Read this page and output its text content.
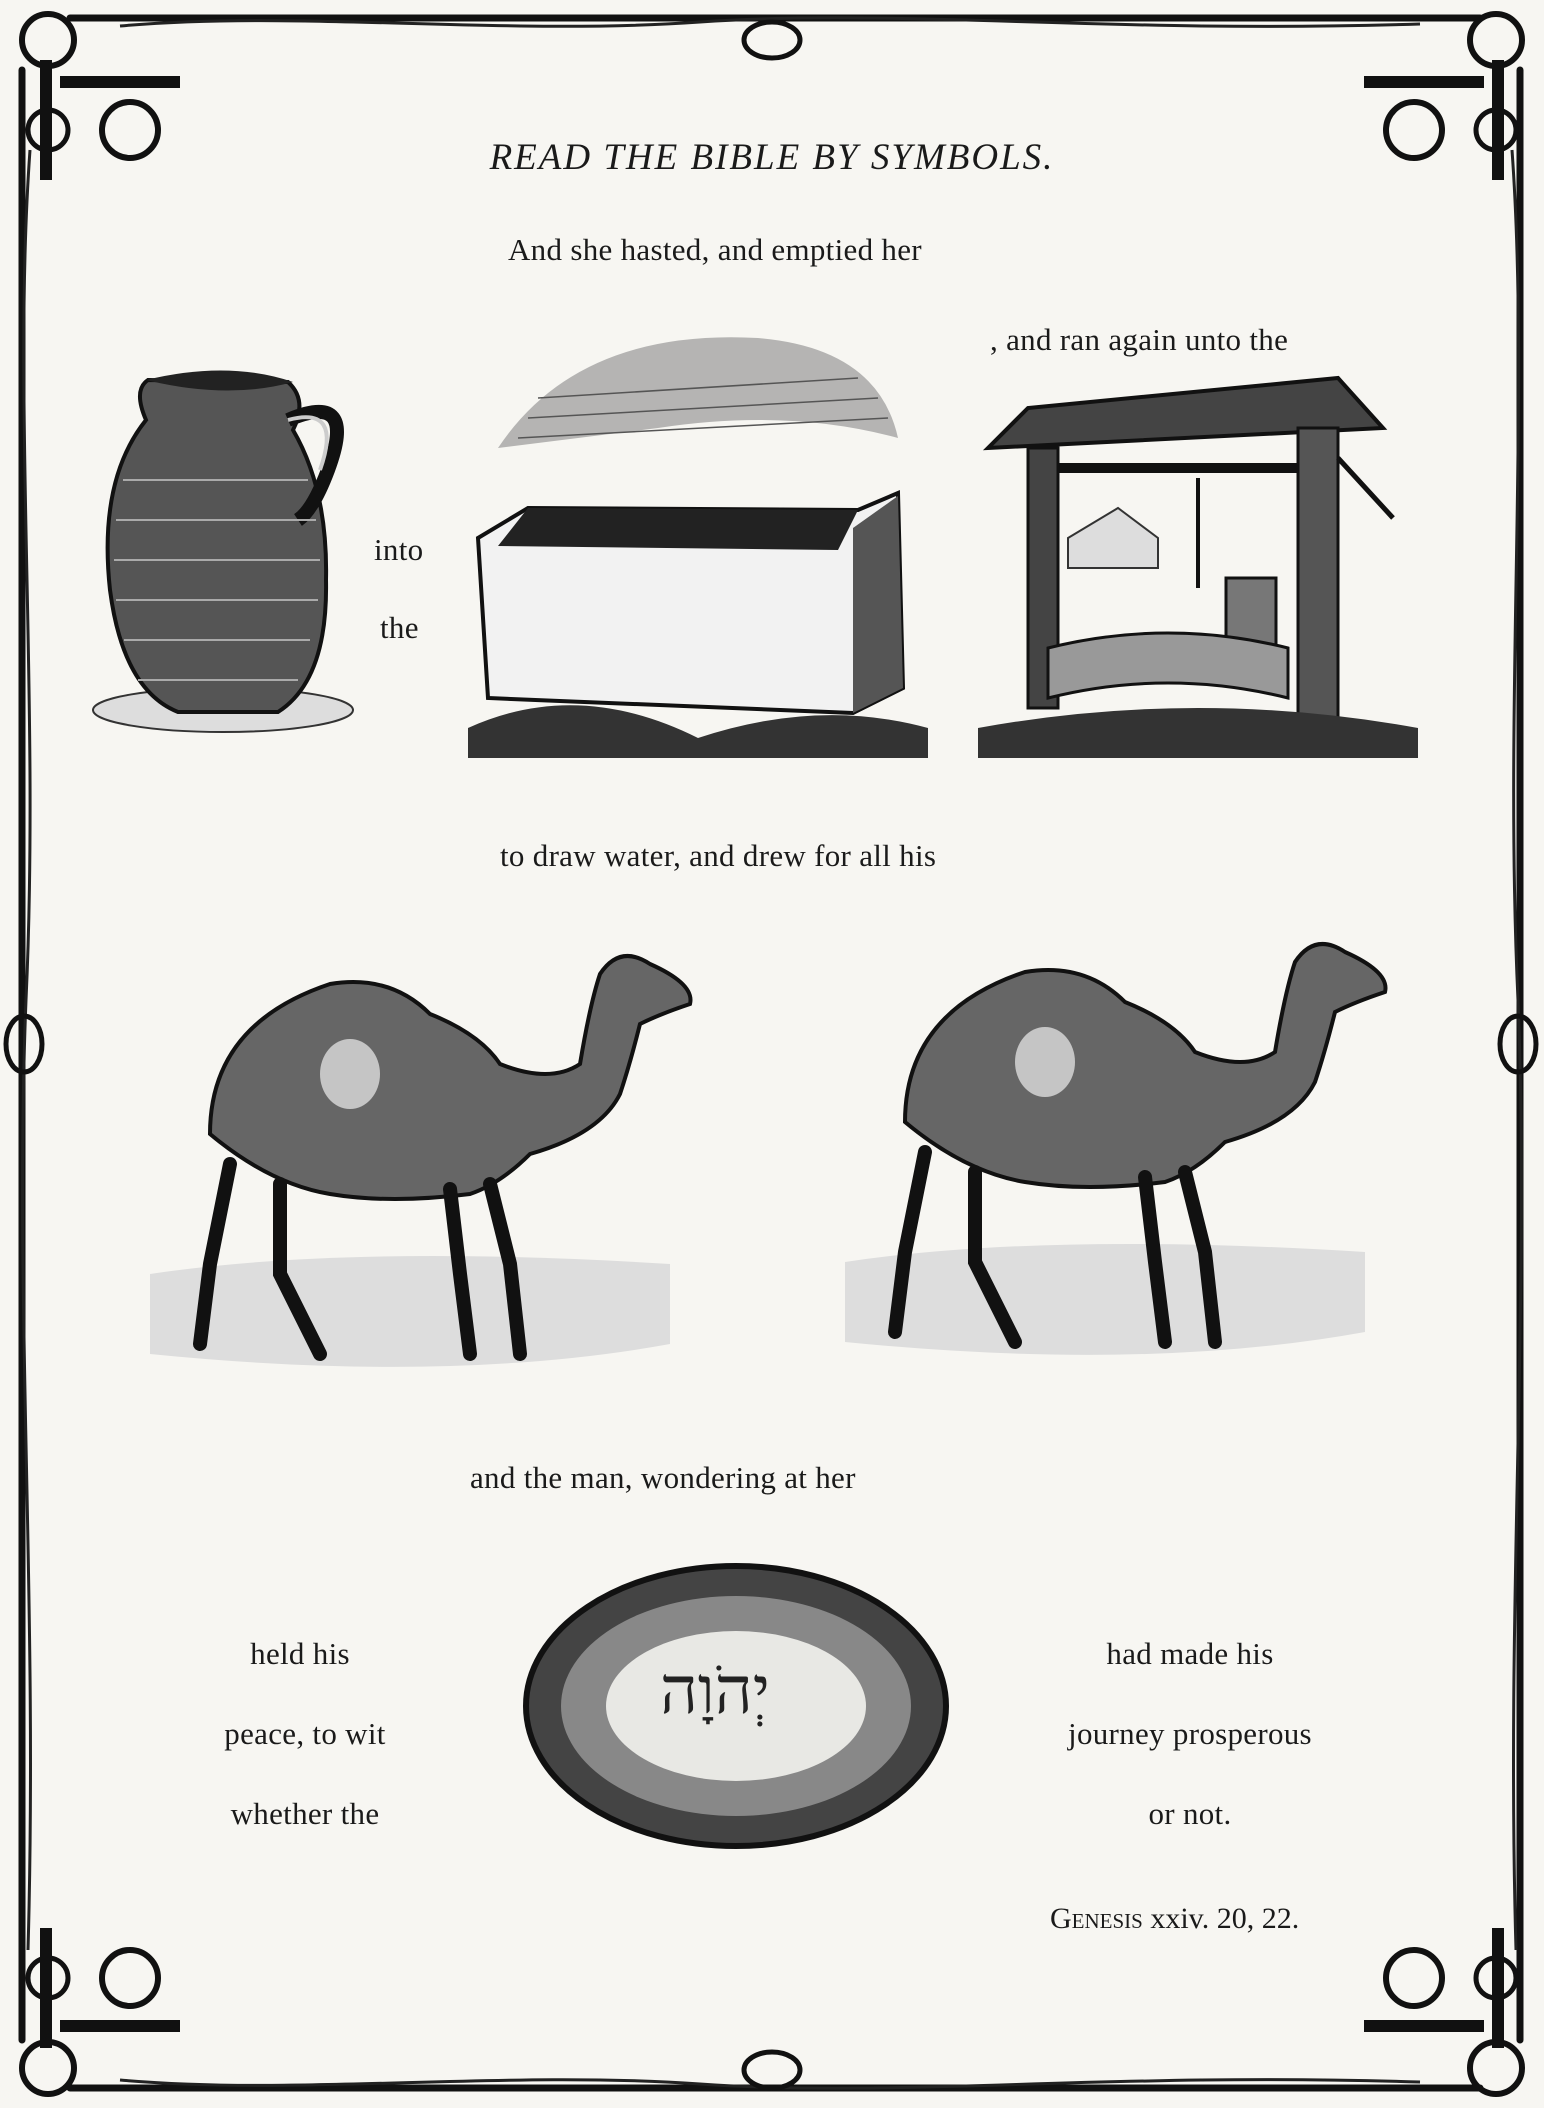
READ THE BIBLE BY SYMBOLS.
And she hasted, and emptied her
, and ran again unto the
into
the
to draw water, and drew for all his
and the man, wondering at her
held his
peace, to wit
whether the
יְהֹוָה	had made his
journey prosperous
or not.
Genesis xxiv. 20, 22.
